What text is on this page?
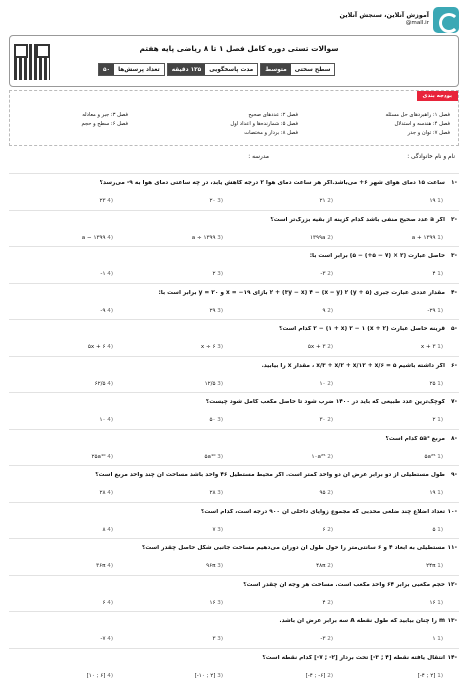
آموزش آنلاین، سنجش آنلاین
@mall.ir
سوالات تستی دوره کامل فصل ۱ تا ۸ ریاضی پایه هفتم
تعداد پرسش‌ها
۵۰	مدت پاسخگویی
۱۲۵ دقیقه	سطح سختی
متوسط
بودجه بندی
فصل ۱: راهبردهای حل مسئله
فصل ۴: هندسه و استدلال
فصل ۷: توان و جذر
فصل ۲: عددهای صحیح
فصل ۵: شمارنده‌ها و اعداد اول
فصل ۸: بردار و مختصات
فصل ۳: جبر و معادله
فصل ۶: سطح و حجم
نام و نام خانوادگی :
مدرسه :
-۱
ساعت ۱۵ دمای هوای شهر ۶+ می‌باشد.اگر هر ساعت دمای هوا ۲ درجه کاهش یابد، در چه ساعتی دمای هوا به ۹- می‌رسد؟
(1 ۱۹
(2 ۲۱
(3 ۲۰
(4 ۲۳
-۲
اگر a عدد صحیح منفی باشد کدام گزینه از بقیه بزرگ‌تر است؟
(1 ۱۳۹۹ + a
(2 ۱۳۹۹a
(3 ۱۳۹۹ ÷ a
(4 ۱۳۹۹ − a
-۳
حاصل عبارت (۲ × (۷ − ۵+) − ۵) برابر است با:
(1 ۴
(2 ۳-
(3 ۲
(4 ۱-
-۴
مقدار عددی عبارت جبری (۵ + y) ۲ + (۳y − x) ۴ − (x ‒ y) ۲ بازای ۱۹− = x و ۲۰ = y برابر است با:
(1 ۲۹-
(2 ۹
(3 ۲۹
(4 ۹-
-۵
قرینه حاصل عبارت (x + ۲) ۲ − (۱ + x) ۲ − ۱ کدام است؟
(1 x + ۳
(2 ۵x + ۳
(3 x ÷ ۶
(4 ۵x + ۶
-۶
اگر داشته باشیم ۵ = x/۳ + x/۲ + x/۱۲ + x/۶ ، مقدار x را بیابید.
(1 ۲۵
(2 ۱۰
(3 ۱۲/۵
(4 ۶۲/۵
-۷
کوچک‌ترین عدد طبیعی که باید در ۱۴۰۰ ضرب شود تا حاصل مکعب کامل شود چیست؟
(1 ۲
(2 ۳۰
(3 ۵۰
(4 ۱۰
-۸
مربع ۵a⁵ کدام است؟
(1 ۵a²⁵
(2 ۱۰a²⁵
(3 ۵a¹⁰
(4 ۲۵a¹⁰
-۹
طول مستطیلی از دو برابر عرض آن دو واحد کمتر است. اگر محیط مستطیل ۴۶ واحد باشد مساحت آن چند واحد مربع است؟
(1 ۱۹
(2 ۹۵
(3 ۲۸
(4 ۲۸
-۱۰
تعداد اضلاع چند ضلعی محدبی که مجموع زوایای داخلی آن ۹۰۰ درجه است، کدام است؟
(1 ۵
(2 ۶
(3 ۷
(4 ۸
-۱۱
مستطیلی به ابعاد ۴ و ۶ سانتی‌متر را حول طول آن دوران می‌دهیم مساحت جانبی شکل حاصل چقدر است؟
(1 ۲۴π
(2 ۴۸π
(3 ۹۶π
(4 ۳۶π
-۱۲
حجم مکعبی برابر ۶۴ واحد مکعب است. مساحت هر وجه آن چقدر است؟
(1 ۱۶
(2 ۴
(3 ۱۶
(4 ۶
-۱۳
m را چنان بیابید که طول نقطه A سه برابر عرض آن باشد.
(1 ۱
(2 ۳-
(3 ۳
(4 ۷-
-۱۴
انتقال یافته نقطه [۴ ; ۳-] تحت بردار [۲- ; ۷-] کدام نقطه است؟
(1 [۲ ; ۴-]
(2 [۶- ; ۴-]
(3 [۲ ; ۱۰-]
(4 [۶ ; ۱۰]
